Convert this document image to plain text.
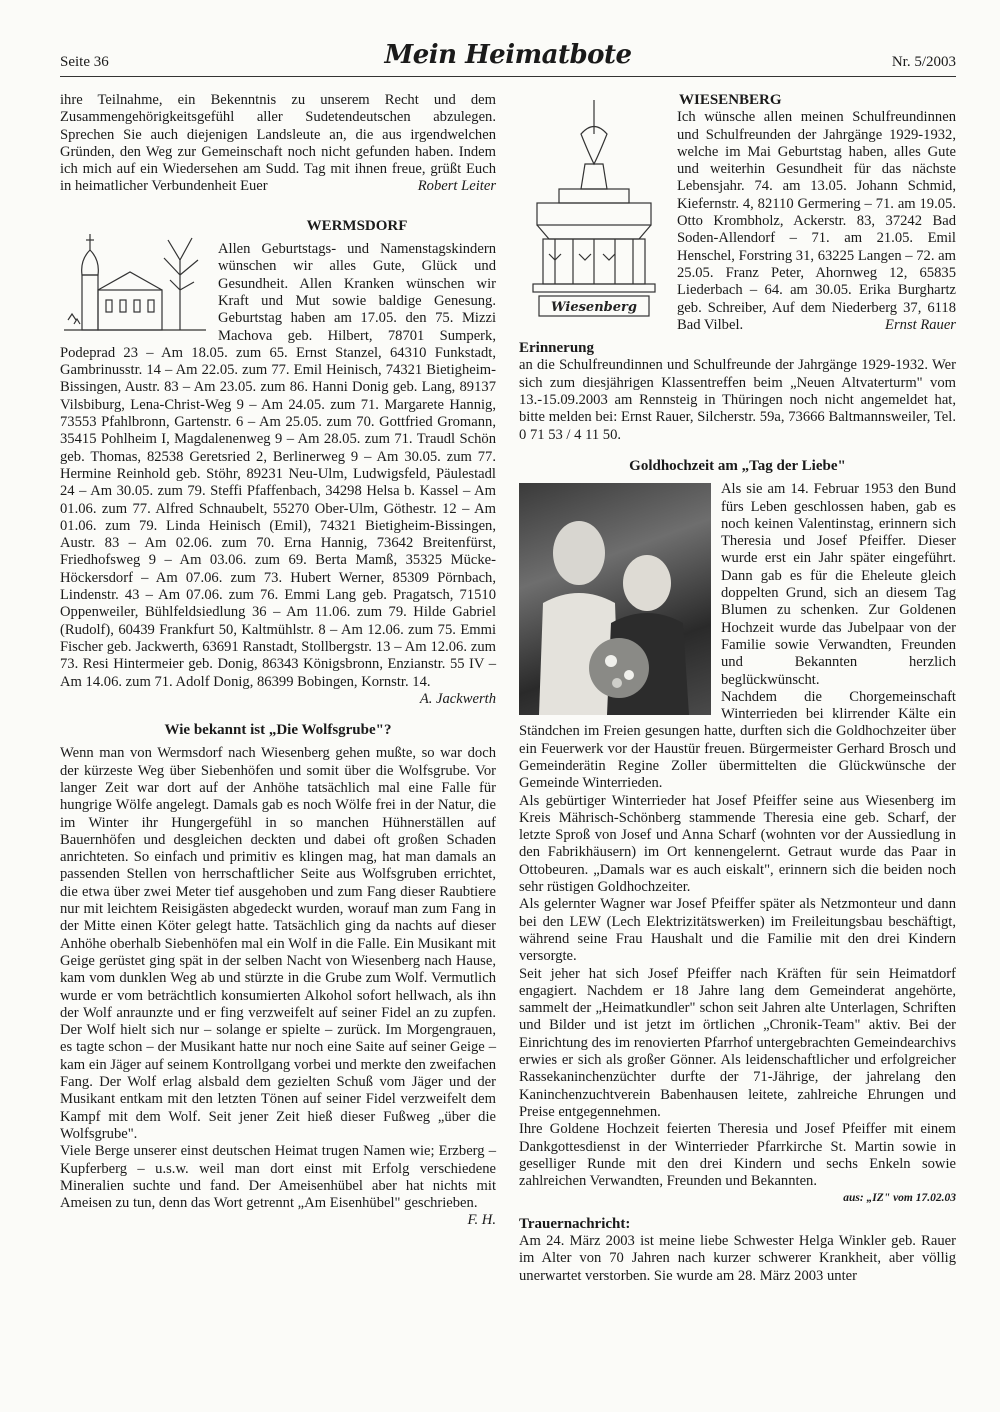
Seite 36	Mein Heimatbote	Nr. 5/2003

ihre Teilnahme, ein Bekenntnis zu unserem Recht und dem Zusammengehörigkeitsgefühl aller Sudetendeutschen abzulegen. Sprechen Sie auch diejenigen Landsleute an, die aus irgendwelchen Gründen, den Weg zur Gemeinschaft noch nicht gefunden haben. Indem ich mich auf ein Wiedersehen am Sudd. Tag mit ihnen freue, grüßt Euch in heimatlicher Verbundenheit Euer	Robert Leiter

WERMSDORF

Allen Geburtstags- und Namenstagskindern wünschen wir alles Gute, Glück und Gesundheit. Allen Kranken wünschen wir Kraft und Mut sowie baldige Genesung. Geburtstag haben am 17.05. den 75. Mizzi Machova geb. Hilbert, 78701 Sumperk, Podeprad 23 – Am 18.05. zum 65. Ernst Stanzel, 64310 Funkstadt, Gambrinusstr. 14 – Am 22.05. zum 77. Emil Heinisch, 74321 Bietigheim-Bissingen, Austr. 83 – Am 23.05. zum 86. Hanni Donig geb. Lang, 89137 Vilsbiburg, Lena-Christ-Weg 9 – Am 24.05. zum 71. Margarete Hannig, 73553 Pfahlbronn, Gartenstr. 6 – Am 25.05. zum 70. Gottfried Gromann, 35415 Pohlheim I, Magdalenenweg 9 – Am 28.05. zum 71. Traudl Schön geb. Thomas, 82538 Geretsried 2, Berlinerweg 9 – Am 30.05. zum 77. Hermine Reinhold geb. Stöhr, 89231 Neu-Ulm, Ludwigsfeld, Päulestadl 24 – Am 30.05. zum 79. Steffi Pfaffenbach, 34298 Helsa b. Kassel – Am 01.06. zum 77. Alfred Schnaubelt, 55270 Ober-Ulm, Göthestr. 12 – Am 01.06. zum 79. Linda Heinisch (Emil), 74321 Bietigheim-Bissingen, Austr. 83 – Am 02.06. zum 70. Erna Hannig, 73642 Breitenfürst, Friedhofsweg 9 – Am 03.06. zum 69. Berta Mamß, 35325 Mücke-Höckersdorf – Am 07.06. zum 73. Hubert Werner, 85309 Pörnbach, Lindenstr. 43 – Am 07.06. zum 76. Emmi Lang geb. Pragatsch, 71510 Oppenweiler, Bühlfeldsiedlung 36 – Am 11.06. zum 79. Hilde Gabriel (Rudolf), 60439 Frankfurt 50, Kaltmühlstr. 8 – Am 12.06. zum 75. Emmi Fischer geb. Jackwerth, 63691 Ranstadt, Stollbergstr. 13 – Am 12.06. zum 73. Resi Hintermeier geb. Donig, 86343 Königsbronn, Enzianstr. 55 IV – Am 14.06. zum 71. Adolf Donig, 86399 Bobingen, Kornstr. 14.

A. Jackwerth

Wie bekannt ist „Die Wolfsgrube"?

Wenn man von Wermsdorf nach Wiesenberg gehen mußte, so war doch der kürzeste Weg über Siebenhöfen und somit über die Wolfsgrube. Vor langer Zeit war dort auf der Anhöhe tatsächlich mal eine Falle für hungrige Wölfe angelegt. Damals gab es noch Wölfe frei in der Natur, die im Winter ihr Hungergefühl in so manchen Hühnerställen auf Bauernhöfen und desgleichen deckten und dabei oft großen Schaden anrichteten. So einfach und primitiv es klingen mag, hat man damals an passenden Stellen von herrschaftlicher Seite aus Wolfsgruben errichtet, die etwa über zwei Meter tief ausgehoben und zum Fang dieser Raubtiere nur mit leichtem Reisigästen abgedeckt wurden, worauf man zum Fang in der Mitte einen Köter gelegt hatte. Tatsächlich ging da nachts auf dieser Anhöhe oberhalb Siebenhöfen mal ein Wolf in die Falle. Ein Musikant mit Geige gerüstet ging spät in der selben Nacht von Wiesenberg nach Hause, kam vom dunklen Weg ab und stürzte in die Grube zum Wolf. Vermutlich wurde er vom beträchtlich konsumierten Alkohol sofort hellwach, als ihn der Wolf anraunzte und er fing verzweifelt auf seiner Fidel an zu zupfen. Der Wolf hielt sich nur – solange er spielte – zurück. Im Morgengrauen, es tagte schon – der Musikant hatte nur noch eine Saite auf seiner Geige – kam ein Jäger auf seinem Kontrollgang vorbei und merkte den zweifachen Fang. Der Wolf erlag alsbald dem gezielten Schuß vom Jäger und der Musikant entkam mit den letzten Tönen auf seiner Fidel verzweifelt dem Kampf mit dem Wolf. Seit jener Zeit hieß dieser Fußweg „über die Wolfsgrube".

Viele Berge unserer einst deutschen Heimat trugen Namen wie; Erzberg – Kupferberg – u.s.w. weil man dort einst mit Erfolg verschiedene Mineralien suchte und fand. Der Ameisenhübel aber hat nichts mit Ameisen zu tun, denn das Wort getrennt „Am Eisenhübel" geschrieben.
F. H.

Wiesenberg
WIESENBERG

Ich wünsche allen meinen Schulfreundinnen und Schulfreunden der Jahrgänge 1929-1932, welche im Mai Geburtstag haben, alles Gute und weiterhin Gesundheit für das nächste Lebensjahr. 74. am 13.05. Johann Schmid, Kiefernstr. 4, 82110 Germering – 71. am 19.05. Otto Krombholz, Ackerstr. 83, 37242 Bad Soden-Allendorf – 71. am 21.05. Emil Henschel, Forstring 31, 63225 Langen – 72. am 25.05. Franz Peter, Ahornweg 12, 65835 Liederbach – 64. am 30.05. Erika Burghartz geb. Schreiber, Auf dem Niederberg 37, 6118 Bad Vilbel.	Ernst Rauer

Erinnerung

an die Schulfreundinnen und Schulfreunde der Jahrgänge 1929-1932. Wer sich zum diesjährigen Klassentreffen beim „Neuen Altvaterturm" vom 13.-15.09.2003 am Rennsteig in Thüringen noch nicht angemeldet hat, bitte melden bei: Ernst Rauer, Silcherstr. 59a, 73666 Baltmannsweiler, Tel. 0 71 53 / 4 11 50.

Goldhochzeit am „Tag der Liebe"

Als sie am 14. Februar 1953 den Bund fürs Leben geschlossen haben, gab es noch keinen Valentinstag, erinnern sich Theresia und Josef Pfeiffer. Dieser wurde erst ein Jahr später eingeführt. Dann gab es für die Eheleute gleich doppelten Grund, sich an diesem Tag Blumen zu schenken. Zur Goldenen Hochzeit wurde das Jubelpaar von der Familie sowie Verwandten, Freunden und Bekannten herzlich beglückwünscht.

Nachdem die Chorgemeinschaft Winterrieden bei klirrender Kälte ein Ständchen im Freien gesungen hatte, durften sich die Goldhochzeiter über ein Feuerwerk vor der Haustür freuen. Bürgermeister Gerhard Brosch und Gemeinderätin Regine Zoller übermittelten die Glückwünsche der Gemeinde Winterrieden.

Als gebürtiger Winterrieder hat Josef Pfeiffer seine aus Wiesenberg im Kreis Mährisch-Schönberg stammende Theresia eine geb. Scharf, der letzte Sproß von Josef und Anna Scharf (wohnten vor der Aussiedlung in den Fabrikhäusern) im Ort kennengelernt. Getraut wurde das Paar in Ottobeuren. „Damals war es auch eiskalt", erinnern sich die beiden noch sehr rüstigen Goldhochzeiter.

Als gelernter Wagner war Josef Pfeiffer später als Netzmonteur und dann bei den LEW (Lech Elektrizitätswerken) im Freileitungsbau beschäftigt, während seine Frau Haushalt und die Familie mit den drei Kindern versorgte.

Seit jeher hat sich Josef Pfeiffer nach Kräften für sein Heimatdorf engagiert. Nachdem er 18 Jahre lang dem Gemeinderat angehörte, sammelt der „Heimatkundler" schon seit Jahren alte Unterlagen, Schriften und Bilder und ist jetzt im örtlichen „Chronik-Team" aktiv. Bei der Einrichtung des im renovierten Pfarrhof untergebrachten Gemeindearchivs erwies er sich als großer Gönner. Als leidenschaftlicher und erfolgreicher Rassekaninchenzüchter durfte der 71-Jährige, der jahrelang den Kaninchenzuchtverein Babenhausen leitete, zahlreiche Ehrungen und Preise entgegennehmen.

Ihre Goldene Hochzeit feierten Theresia und Josef Pfeiffer mit einem Dankgottesdienst in der Winterrieder Pfarrkirche St. Martin sowie in geselliger Runde mit den drei Kindern und sechs Enkeln sowie zahlreichen Verwandten, Freunden und Bekannten.

aus: „IZ" vom 17.02.03

Trauernachricht:

Am 24. März 2003 ist meine liebe Schwester Helga Winkler geb. Rauer im Alter von 70 Jahren nach kurzer schwerer Krankheit, aber völlig unerwartet verstorben. Sie wurde am 28. März 2003 unter
